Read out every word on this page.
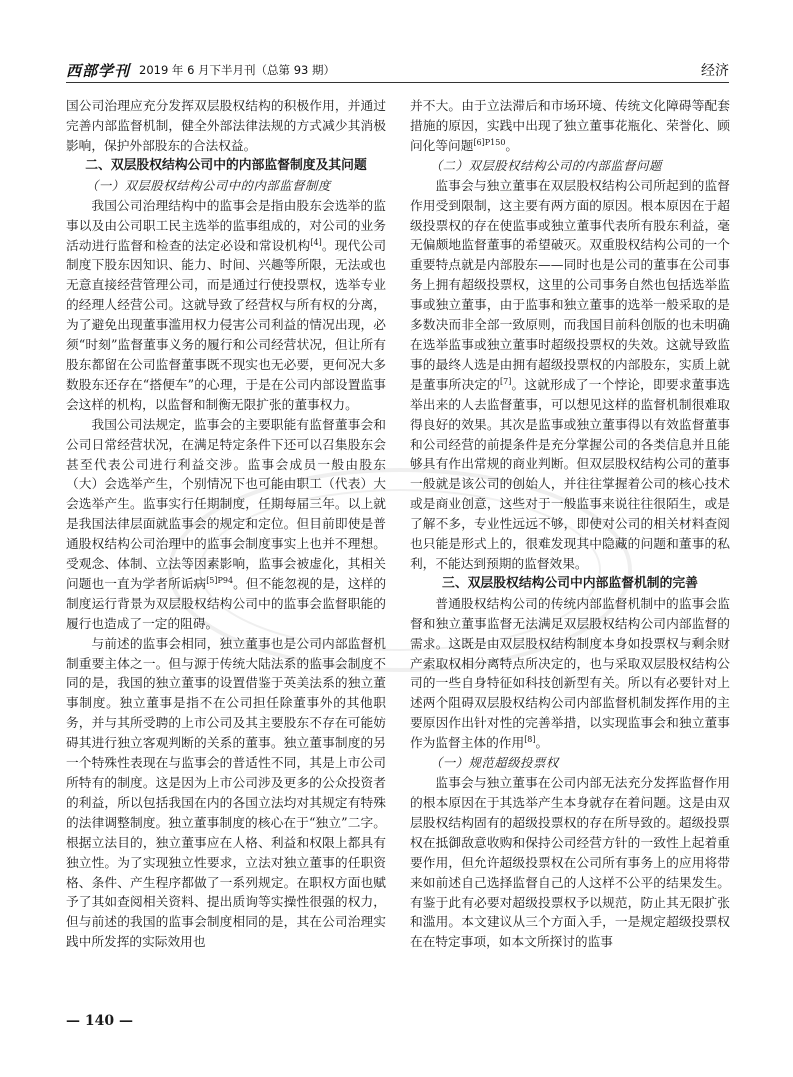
西部学刊 2019 年 6 月下半月刊（总第 93 期）	经济

国公司治理应充分发挥双层股权结构的积极作用，并通过完善内部监督机制，健全外部法律法规的方式减少其消极影响，保护外部股东的合法权益。

二、双层股权结构公司中的内部监督制度及其问题
（一）双层股权结构公司中的内部监督制度

我国公司治理结构中的监事会是指由股东会选举的监事以及由公司职工民主选举的监事组成的，对公司的业务活动进行监督和检查的法定必设和常设机构[4]。现代公司制度下股东因知识、能力、时间、兴趣等所限，无法或也无意直接经营管理公司，而是通过行使投票权，选举专业的经理人经营公司。这就导致了经营权与所有权的分离，为了避免出现董事滥用权力侵害公司利益的情况出现，必须“时刻”监督董事义务的履行和公司经营状况，但让所有股东都留在公司监督董事既不现实也无必要，更何况大多数股东还存在“搭便车”的心理，于是在公司内部设置监事会这样的机构，以监督和制衡无限扩张的董事权力。

我国公司法规定，监事会的主要职能有监督董事会和公司日常经营状况，在满足特定条件下还可以召集股东会甚至代表公司进行利益交涉。监事会成员一般由股东（大）会选举产生，个别情况下也可能由职工（代表）大会选举产生。监事实行任期制度，任期每届三年。以上就是我国法律层面就监事会的规定和定位。但目前即使是普通股权结构公司治理中的监事会制度事实上也并不理想。受观念、体制、立法等因素影响，监事会被虚化，其相关问题也一直为学者所诟病$^{[5]P94}$。但不能忽视的是，这样的制度运行背景为双层股权结构公司中的监事会监督职能的履行也造成了一定的阻碍。

与前述的监事会相同，独立董事也是公司内部监督机制重要主体之一。但与源于传统大陆法系的监事会制度不同的是，我国的独立董事的设置借鉴于英美法系的独立董事制度。独立董事是指不在公司担任除董事外的其他职务，并与其所受聘的上市公司及其主要股东不存在可能妨碍其进行独立客观判断的关系的董事。独立董事制度的另一个特殊性表现在与监事会的普适性不同，其是上市公司所特有的制度。这是因为上市公司涉及更多的公众投资者的利益，所以包括我国在内的各国立法均对其规定有特殊的法律调整制度。独立董事制度的核心在于“独立”二字。根据立法目的，独立董事应在人格、利益和权限上都具有独立性。为了实现独立性要求，立法对独立董事的任职资格、条件、产生程序都做了一系列规定。在职权方面也赋予了其如查阅相关资料、提出质询等实操性很强的权力，但与前述的我国的监事会制度相同的是，其在公司治理实践中所发挥的实际效用也

并不大。由于立法滞后和市场环境、传统文化障碍等配套措施的原因，实践中出现了独立董事花瓶化、荣誉化、顾问化等问题$^{[6]P150}$。

（二）双层股权结构公司的内部监督问题

监事会与独立董事在双层股权结构公司所起到的监督作用受到限制，这主要有两方面的原因。根本原因在于超级投票权的存在使监事或独立董事代表所有股东利益，毫无偏颇地监督董事的希望破灭。双重股权结构公司的一个重要特点就是内部股东——同时也是公司的董事在公司事务上拥有超级投票权，这里的公司事务自然也包括选举监事或独立董事，由于监事和独立董事的选举一般采取的是多数决而非全部一致原则，而我国目前科创版的也未明确在选举监事或独立董事时超级投票权的失效。这就导致监事的最终人选是由拥有超级投票权的内部股东，实质上就是董事所决定的[7]。这就形成了一个悖论，即要求董事选举出来的人去监督董事，可以想见这样的监督机制很难取得良好的效果。其次是监事或独立董事得以有效监督董事和公司经营的前提条件是充分掌握公司的各类信息并且能够具有作出常规的商业判断。但双层股权结构公司的董事一般就是该公司的创始人，并往往掌握着公司的核心技术或是商业创意，这些对于一般监事来说往往很陌生，或是了解不多，专业性远远不够，即使对公司的相关材料查阅也只能是形式上的，很难发现其中隐藏的问题和董事的私利，不能达到预期的监督效果。

三、双层股权结构公司中内部监督机制的完善

普通股权结构公司的传统内部监督机制中的监事会监督和独立董事监督无法满足双层股权结构公司内部监督的需求。这既是由双层股权结构制度本身如投票权与剩余财产索取权相分离特点所决定的，也与采取双层股权结构公司的一些自身特征如科技创新型有关。所以有必要针对上述两个阻碍双层股权结构公司内部监督机制发挥作用的主要原因作出针对性的完善举措，以实现监事会和独立董事作为监督主体的作用[8]。

（一）规范超级投票权

监事会与独立董事在公司内部无法充分发挥监督作用的根本原因在于其选举产生本身就存在着问题。这是由双层股权结构固有的超级投票权的存在所导致的。超级投票权在抵御敌意收购和保持公司经营方针的一致性上起着重要作用，但允许超级投票权在公司所有事务上的应用将带来如前述自己选择监督自己的人这样不公平的结果发生。有鉴于此有必要对超级投票权予以规范，防止其无限扩张和滥用。本文建议从三个方面入手，一是规定超级投票权在在特定事项，如本文所探讨的监事

— 140 —
